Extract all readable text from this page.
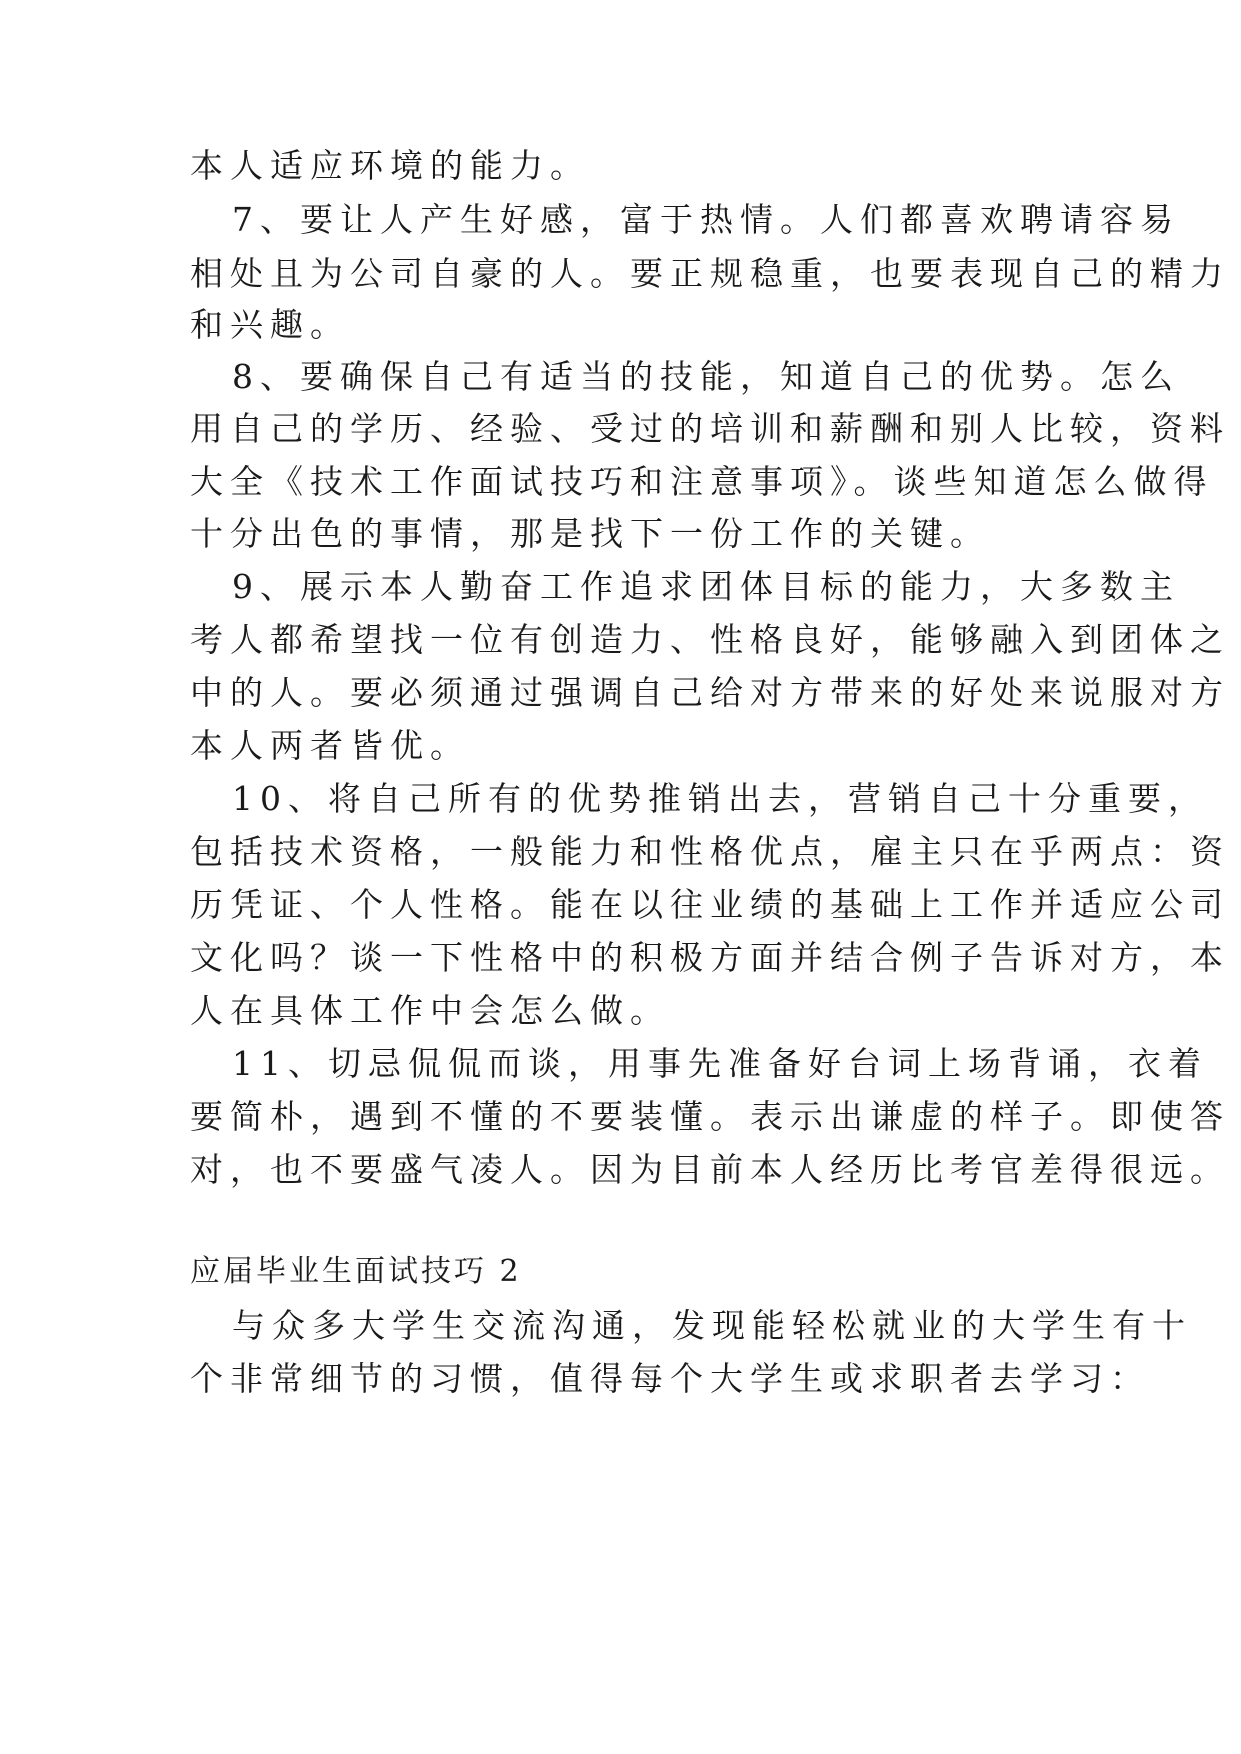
本人适应环境的能力。
7、要让人产生好感，富于热情。人们都喜欢聘请容易
相处且为公司自豪的人。要正规稳重，也要表现自己的精力
和兴趣。
8、要确保自己有适当的技能，知道自己的优势。怎么
用自己的学历、经验、受过的培训和薪酬和别人比较，资料
大全《技术工作面试技巧和注意事项》。谈些知道怎么做得
十分出色的事情，那是找下一份工作的关键。
9、展示本人勤奋工作追求团体目标的能力，大多数主
考人都希望找一位有创造力、性格良好，能够融入到团体之
中的人。要必须通过强调自己给对方带来的好处来说服对方
本人两者皆优。
10、将自己所有的优势推销出去，营销自己十分重要，
包括技术资格，一般能力和性格优点，雇主只在乎两点：资
历凭证、个人性格。能在以往业绩的基础上工作并适应公司
文化吗？谈一下性格中的积极方面并结合例子告诉对方，本
人在具体工作中会怎么做。
11、切忌侃侃而谈，用事先准备好台词上场背诵，衣着
要简朴，遇到不懂的不要装懂。表示出谦虚的样子。即使答
对，也不要盛气凌人。因为目前本人经历比考官差得很远。
应届毕业生面试技巧 2
与众多大学生交流沟通，发现能轻松就业的大学生有十
个非常细节的习惯，值得每个大学生或求职者去学习：
